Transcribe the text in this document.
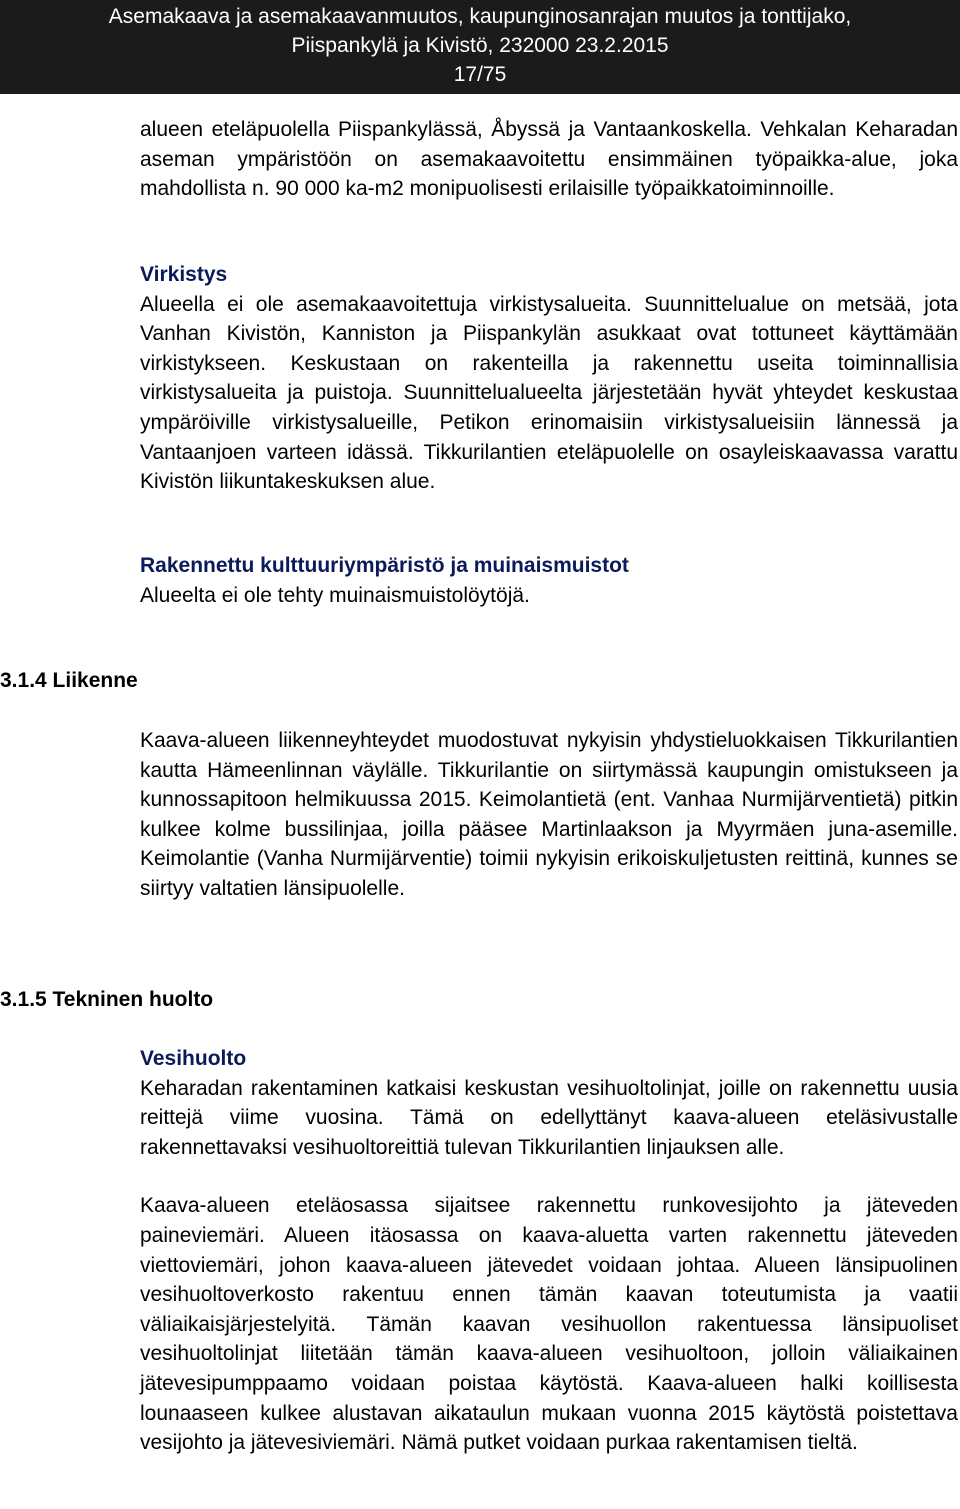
Asemakaava ja asemakaavanmuutos, kaupunginosanrajan muutos ja tonttijako,
Piispankylä ja Kivistö, 232000 23.2.2015
17/75

alueen eteläpuolella Piispankylässä, Åbyssä ja Vantaankoskella. Vehkalan Keharadan aseman ympäristöön on asemakaavoitettu ensimmäinen työpaikka-alue, joka mahdollista n. 90 000 ka-m2 monipuolisesti erilaisille työpaikkatoiminnoille.

Virkistys

Alueella ei ole asemakaavoitettuja virkistysalueita. Suunnittelualue on metsää, jota Vanhan Kivistön, Kanniston ja Piispankylän asukkaat ovat tottuneet käyttämään virkistykseen. Keskustaan on rakenteilla ja rakennettu useita toiminnallisia virkistysalueita ja puistoja. Suunnittelualueelta järjestetään hyvät yhteydet keskustaa ympäröiville virkistysalueille, Petikon erinomaisiin virkistysalueisiin lännessä ja Vantaanjoen varteen idässä. Tikkurilantien eteläpuolelle on osayleiskaavassa varattu Kivistön liikuntakeskuksen alue.

Rakennettu kulttuuriympäristö ja muinaismuistot

Alueelta ei ole tehty muinaismuistolöytöjä.

3.1.4 Liikenne

Kaava-alueen liikenneyhteydet muodostuvat nykyisin yhdystieluokkaisen Tikkurilantien kautta Hämeenlinnan väylälle. Tikkurilantie on siirtymässä kaupungin omistukseen ja kunnossapitoon helmikuussa 2015. Keimolantietä (ent. Vanhaa Nurmijärventietä) pitkin kulkee kolme bussilinjaa, joilla pääsee Martinlaakson ja Myyrmäen juna-asemille. Keimolantie (Vanha Nurmijärventie) toimii nykyisin erikoiskuljetusten reittinä, kunnes se siirtyy valtatien länsipuolelle.

3.1.5 Tekninen huolto
Vesihuolto

Keharadan rakentaminen katkaisi keskustan vesihuoltolinjat, joille on rakennettu uusia reittejä viime vuosina. Tämä on edellyttänyt kaava-alueen eteläsivustalle rakennettavaksi vesihuoltoreittiä tulevan Tikkurilantien linjauksen alle.

Kaava-alueen eteläosassa sijaitsee rakennettu runkovesijohto ja jäteveden paineviemäri. Alueen itäosassa on kaava-aluetta varten rakennettu jäteveden viettoviemäri, johon kaava-alueen jätevedet voidaan johtaa. Alueen länsipuolinen vesihuoltoverkosto rakentuu ennen tämän kaavan toteutumista ja vaatii väliaikaisjärjestelyitä. Tämän kaavan vesihuollon rakentuessa länsipuoliset vesihuoltolinjat liitetään tämän kaava-alueen vesihuoltoon, jolloin väliaikainen jätevesipumppaamo voidaan poistaa käytöstä. Kaava-alueen halki koillisesta lounaaseen kulkee alustavan aikataulun mukaan vuonna 2015 käytöstä poistettava vesijohto ja jätevesiviemäri. Nämä putket voidaan purkaa rakentamisen tieltä.
